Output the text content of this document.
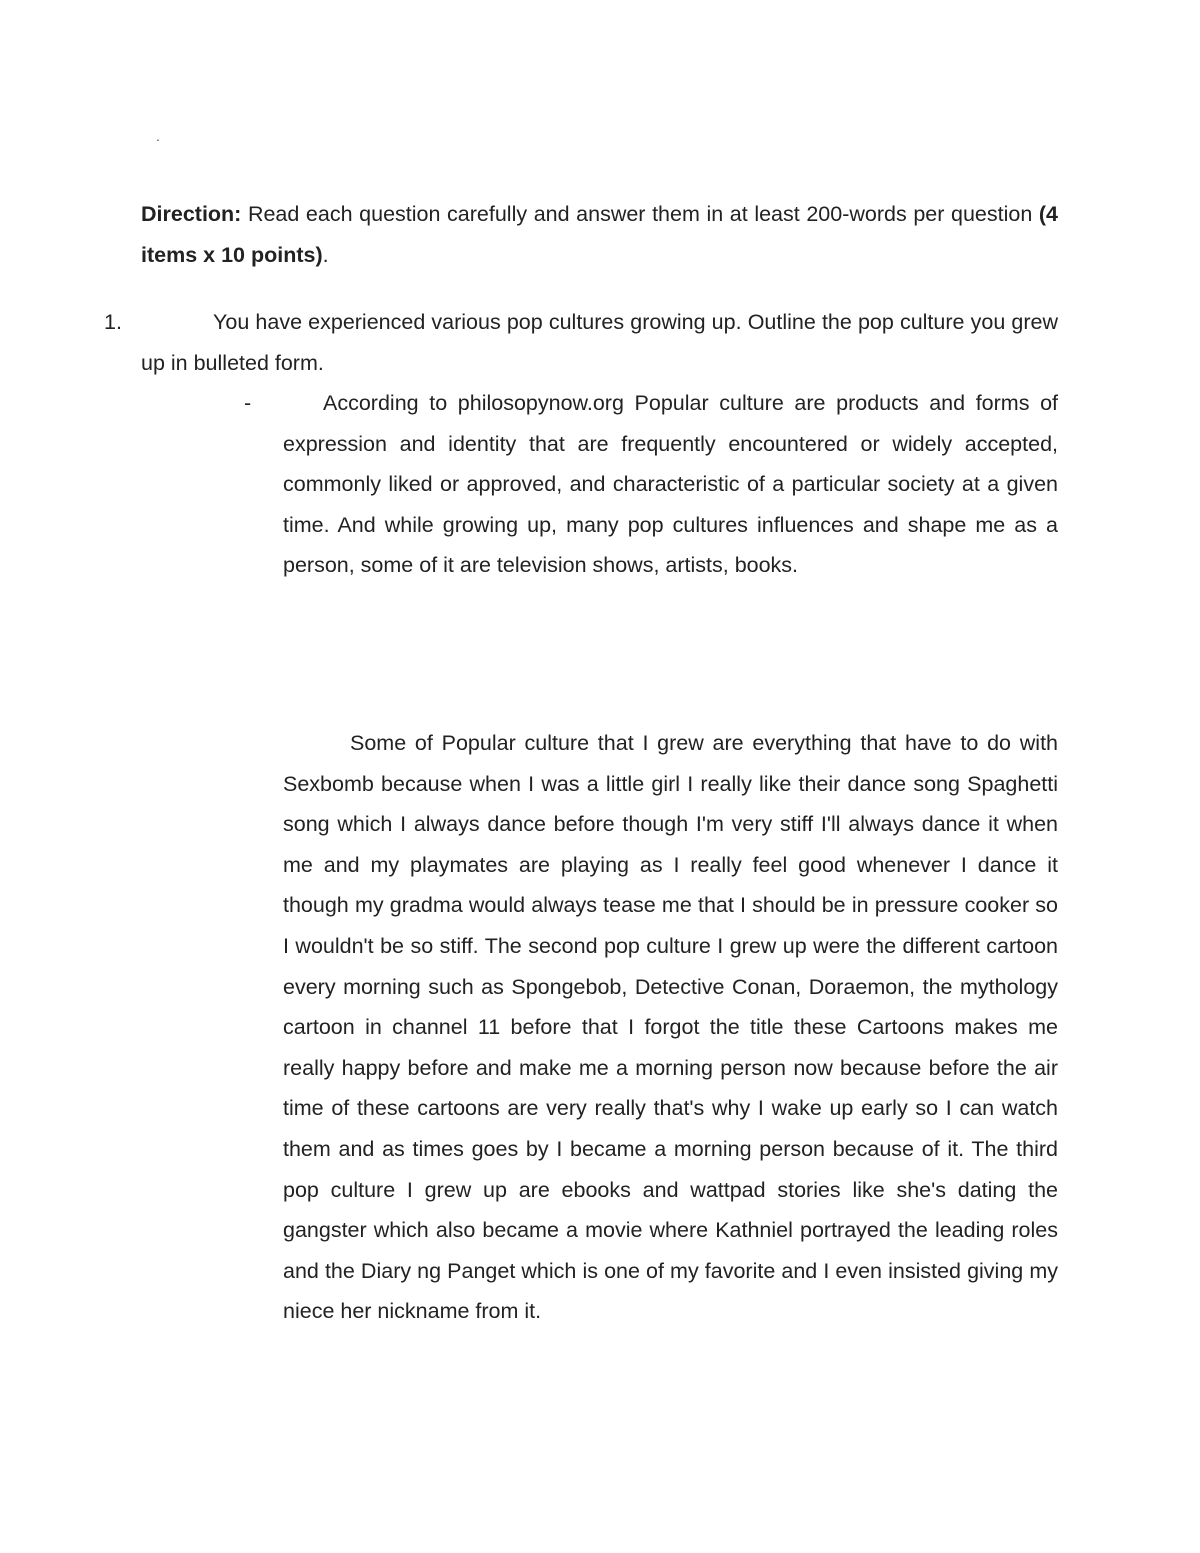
.

Direction: Read each question carefully and answer them in at least 200-words per question (4 items x 10 points).

1.	You have experienced various pop cultures growing up. Outline the pop culture you grew up in bulleted form.

-	According to philosopynow.org Popular culture are products and forms of expression and identity that are frequently encountered or widely accepted, commonly liked or approved, and characteristic of a particular society at a given time. And while growing up, many pop cultures influences and shape me as a person, some of it are television shows, artists, books.

Some of Popular culture that I grew are everything that have to do with Sexbomb because when I was a little girl I really like their dance song Spaghetti song which I always dance before though I'm very stiff I'll always dance it when me and my playmates are playing as I really feel good whenever I dance it though my gradma would always tease me that I should be in pressure cooker so I wouldn't be so stiff. The second pop culture I grew up were the different cartoon every morning such as Spongebob, Detective Conan, Doraemon, the mythology cartoon in channel 11 before that I forgot the title these Cartoons makes me really happy before and make me a morning person now because before the air time of these cartoons are very really that's why I wake up early so I can watch them and as times goes by I became a morning person because of it. The third pop culture I grew up are ebooks and wattpad stories like she's dating the gangster which also became a movie where Kathniel portrayed the leading roles and the Diary ng Panget which is one of my favorite and I even insisted giving my niece her nickname from it.
